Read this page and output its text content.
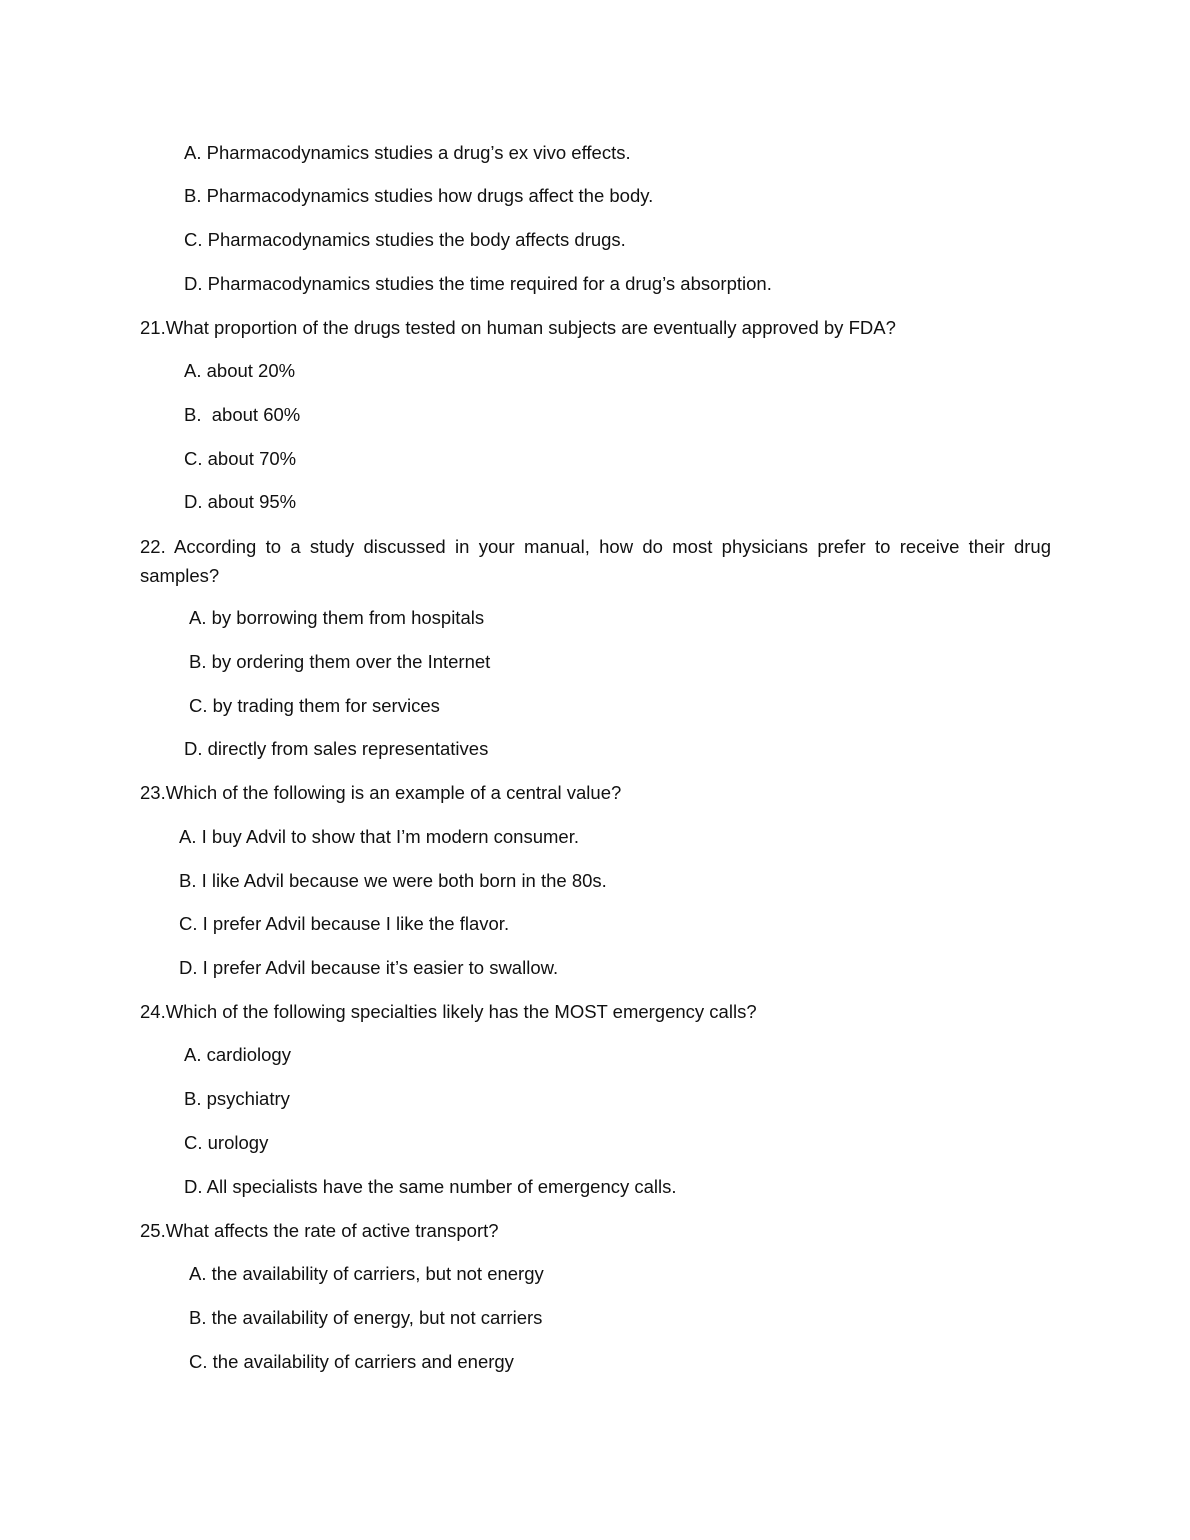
A. Pharmacodynamics studies a drug’s ex vivo effects.
B. Pharmacodynamics studies how drugs affect the body.
C. Pharmacodynamics studies the body affects drugs.
D. Pharmacodynamics studies the time required for a drug’s absorption.
21.What proportion of the drugs tested on human subjects are eventually approved by FDA?
A. about 20%
B.  about 60%
C. about 70%
D. about 95%
22. According to a study discussed in your manual, how do most physicians prefer to receive their drug samples?
A. by borrowing them from hospitals
B. by ordering them over the Internet
C. by trading them for services
D. directly from sales representatives
23.Which of the following is an example of a central value?
A. I buy Advil to show that I’m modern consumer.
B. I like Advil because we were both born in the 80s.
C. I prefer Advil because I like the flavor.
D. I prefer Advil because it’s easier to swallow.
24.Which of the following specialties likely has the MOST emergency calls?
A. cardiology
B. psychiatry
C. urology
D. All specialists have the same number of emergency calls.
25.What affects the rate of active transport?
A. the availability of carriers, but not energy
B. the availability of energy, but not carriers
C. the availability of carriers and energy
